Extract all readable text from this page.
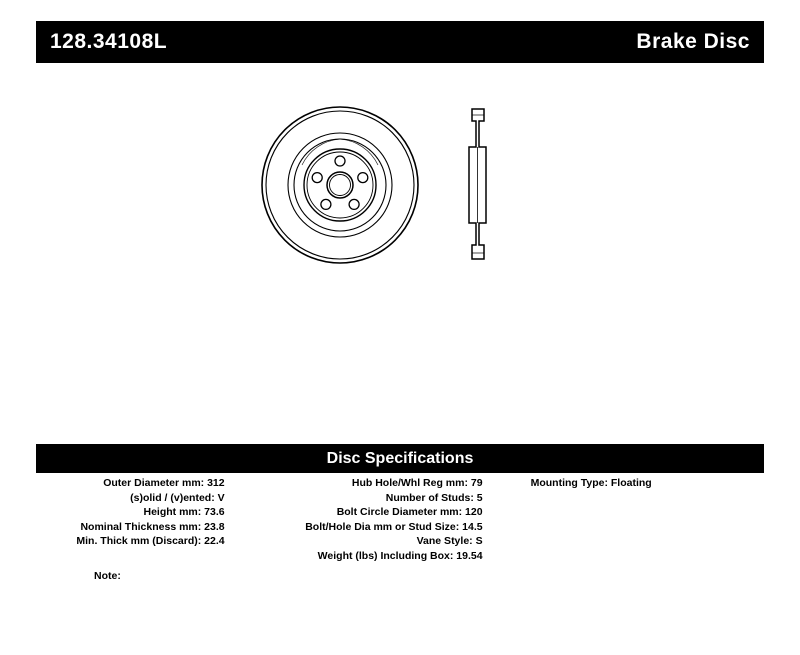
128.34108L	Brake Disc
Disc Specifications
Outer Diameter mm: 312
(s)olid / (v)ented: V
Height mm: 73.6
Nominal Thickness mm: 23.8
Min. Thick mm (Discard): 22.4
Hub Hole/Whl Reg mm: 79
Number of Studs: 5
Bolt Circle Diameter mm: 120
Bolt/Hole Dia mm or Stud Size: 14.5
Vane Style: S
Weight (lbs) Including Box: 19.54
Mounting Type: Floating
Note:
